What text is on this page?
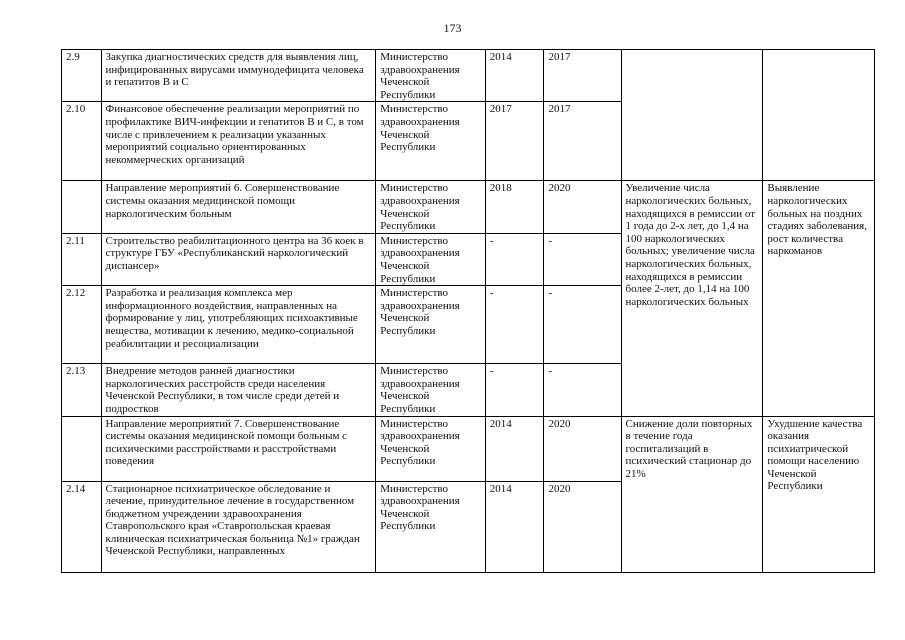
173
2.9	Закупка диагностических средств для выявления лиц, инфицированных вирусами иммунодефицита человека и гепатитов В и С	Министерство здравоохранения Чеченской Республики	2014	2017		
2.10	Финансовое обеспечение реализации мероприятий по профилактике ВИЧ-инфекции и гепатитов В и С, в том числе с привлечением к реализации указанных мероприятий социально ориентированных некоммерческих организаций	Министерство здравоохранения Чеченской Республики	2017	2017		
	Направление мероприятий 6. Совершенствование системы оказания медицинской помощи наркологическим больным	Министерство здравоохранения Чеченской Республики	2018	2020	Увеличение числа наркологических больных, находящихся в ремиссии от 1 года до 2-х лет, до 1,4 на 100 наркологических больных; увеличение числа наркологических больных, находящихся в ремиссии более 2-лет, до 1,14 на 100 наркологических больных	Выявление наркологических больных на поздних стадиях заболевания, рост количества наркоманов
2.11	Строительство реабилитационного центра на 36 коек в структуре ГБУ «Республиканский наркологический диспансер»	Министерство здравоохранения Чеченской Республики	-	-		
2.12	Разработка и реализация комплекса мер информационного воздействия, направленных на формирование у лиц, употребляющих психоактивные вещества, мотивации к лечению, медико-социальной реабилитации и ресоциализации	Министерство здравоохранения Чеченской Республики	-	-		
2.13	Внедрение методов ранней диагностики наркологических расстройств среди населения Чеченской Республики, в том числе среди детей и подростков	Министерство здравоохранения Чеченской Республики	-	-		
	Направление мероприятий 7. Совершенствование системы оказания медицинской помощи больным с психическими расстройствами и расстройствами поведения	Министерство здравоохранения Чеченской Республики	2014	2020	Снижение доли повторных в течение года госпитализаций в психический стационар до 21%	Ухудшение качества оказания психиатрической помощи населению Чеченской Республики
2.14	Стационарное психиатрическое обследование и лечение, принудительное лечение в государственном бюджетном учреждении здравоохранения Ставропольского края «Ставропольская краевая клиническая психиатрическая больница №1» граждан Чеченской Республики, направленных	Министерство здравоохранения Чеченской Республики	2014	2020		
